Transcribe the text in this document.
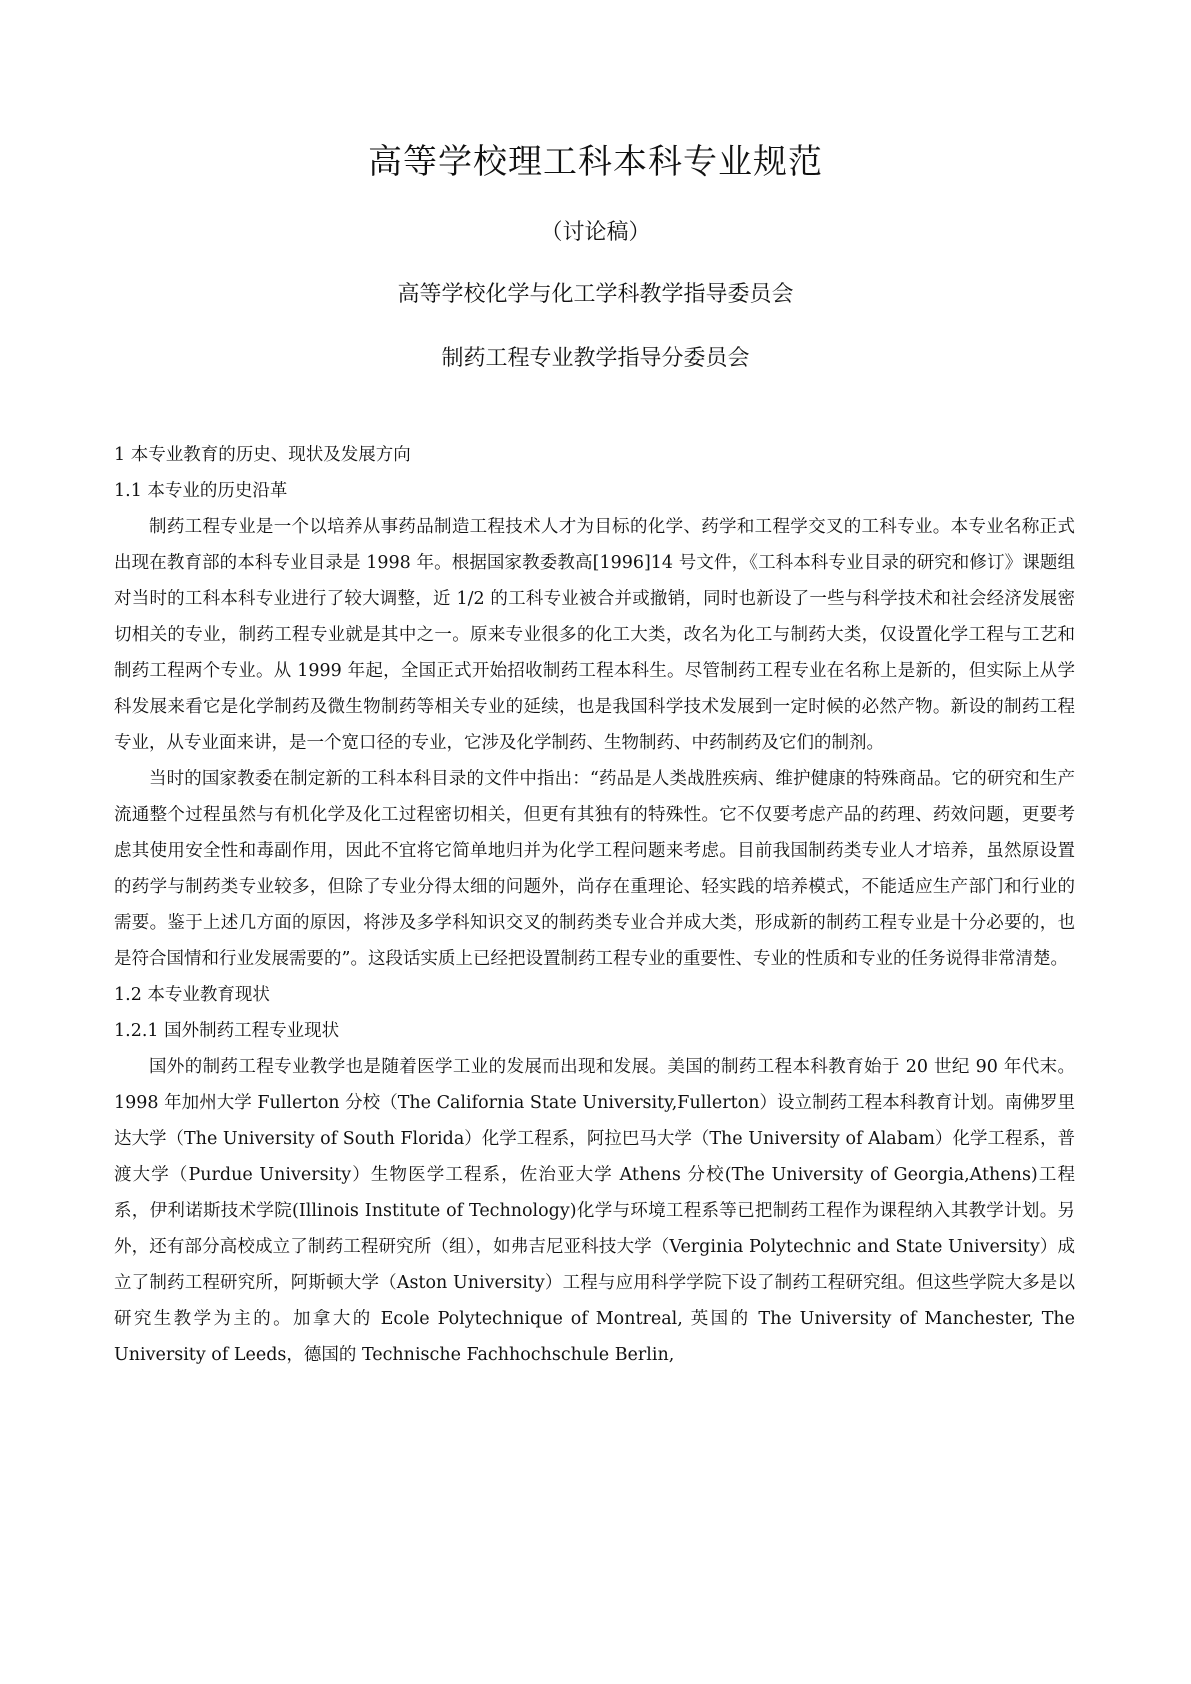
高等学校理工科本科专业规范
（讨论稿）
高等学校化学与化工学科教学指导委员会
制药工程专业教学指导分委员会

1 本专业教育的历史、现状及发展方向

1.1 本专业的历史沿革

制药工程专业是一个以培养从事药品制造工程技术人才为目标的化学、药学和工程学交叉的工科专业。本专业名称正式出现在教育部的本科专业目录是 1998 年。根据国家教委教高[1996]14 号文件，《工科本科专业目录的研究和修订》课题组对当时的工科本科专业进行了较大调整，近 1/2 的工科专业被合并或撤销，同时也新设了一些与科学技术和社会经济发展密切相关的专业，制药工程专业就是其中之一。原来专业很多的化工大类，改名为化工与制药大类，仅设置化学工程与工艺和制药工程两个专业。从 1999 年起，全国正式开始招收制药工程本科生。尽管制药工程专业在名称上是新的，但实际上从学科发展来看它是化学制药及微生物制药等相关专业的延续，也是我国科学技术发展到一定时候的必然产物。新设的制药工程专业，从专业面来讲，是一个宽口径的专业，它涉及化学制药、生物制药、中药制药及它们的制剂。

当时的国家教委在制定新的工科本科目录的文件中指出：“药品是人类战胜疾病、维护健康的特殊商品。它的研究和生产流通整个过程虽然与有机化学及化工过程密切相关，但更有其独有的特殊性。它不仅要考虑产品的药理、药效问题，更要考虑其使用安全性和毒副作用，因此不宜将它简单地归并为化学工程问题来考虑。目前我国制药类专业人才培养，虽然原设置的药学与制药类专业较多，但除了专业分得太细的问题外，尚存在重理论、轻实践的培养模式，不能适应生产部门和行业的需要。鉴于上述几方面的原因，将涉及多学科知识交叉的制药类专业合并成大类，形成新的制药工程专业是十分必要的，也是符合国情和行业发展需要的”。这段话实质上已经把设置制药工程专业的重要性、专业的性质和专业的任务说得非常清楚。

1.2 本专业教育现状

1.2.1 国外制药工程专业现状

国外的制药工程专业教学也是随着医学工业的发展而出现和发展。美国的制药工程本科教育始于 20 世纪 90 年代末。1998 年加州大学 Fullerton 分校（The California State University,Fullerton）设立制药工程本科教育计划。南佛罗里达大学（The University of South Florida）化学工程系，阿拉巴马大学（The University of Alabam）化学工程系，普渡大学（Purdue University）生物医学工程系，佐治亚大学 Athens 分校(The University of Georgia,Athens)工程系，伊利诺斯技术学院(Illinois Institute of Technology)化学与环境工程系等已把制药工程作为课程纳入其教学计划。另外，还有部分高校成立了制药工程研究所（组），如弗吉尼亚科技大学（Verginia Polytechnic and State University）成立了制药工程研究所，阿斯顿大学（Aston University）工程与应用科学学院下设了制药工程研究组。但这些学院大多是以研究生教学为主的。加拿大的 Ecole Polytechnique of Montreal, 英国的 The University of Manchester, The University of Leeds，德国的 Technische Fachhochschule Berlin,
